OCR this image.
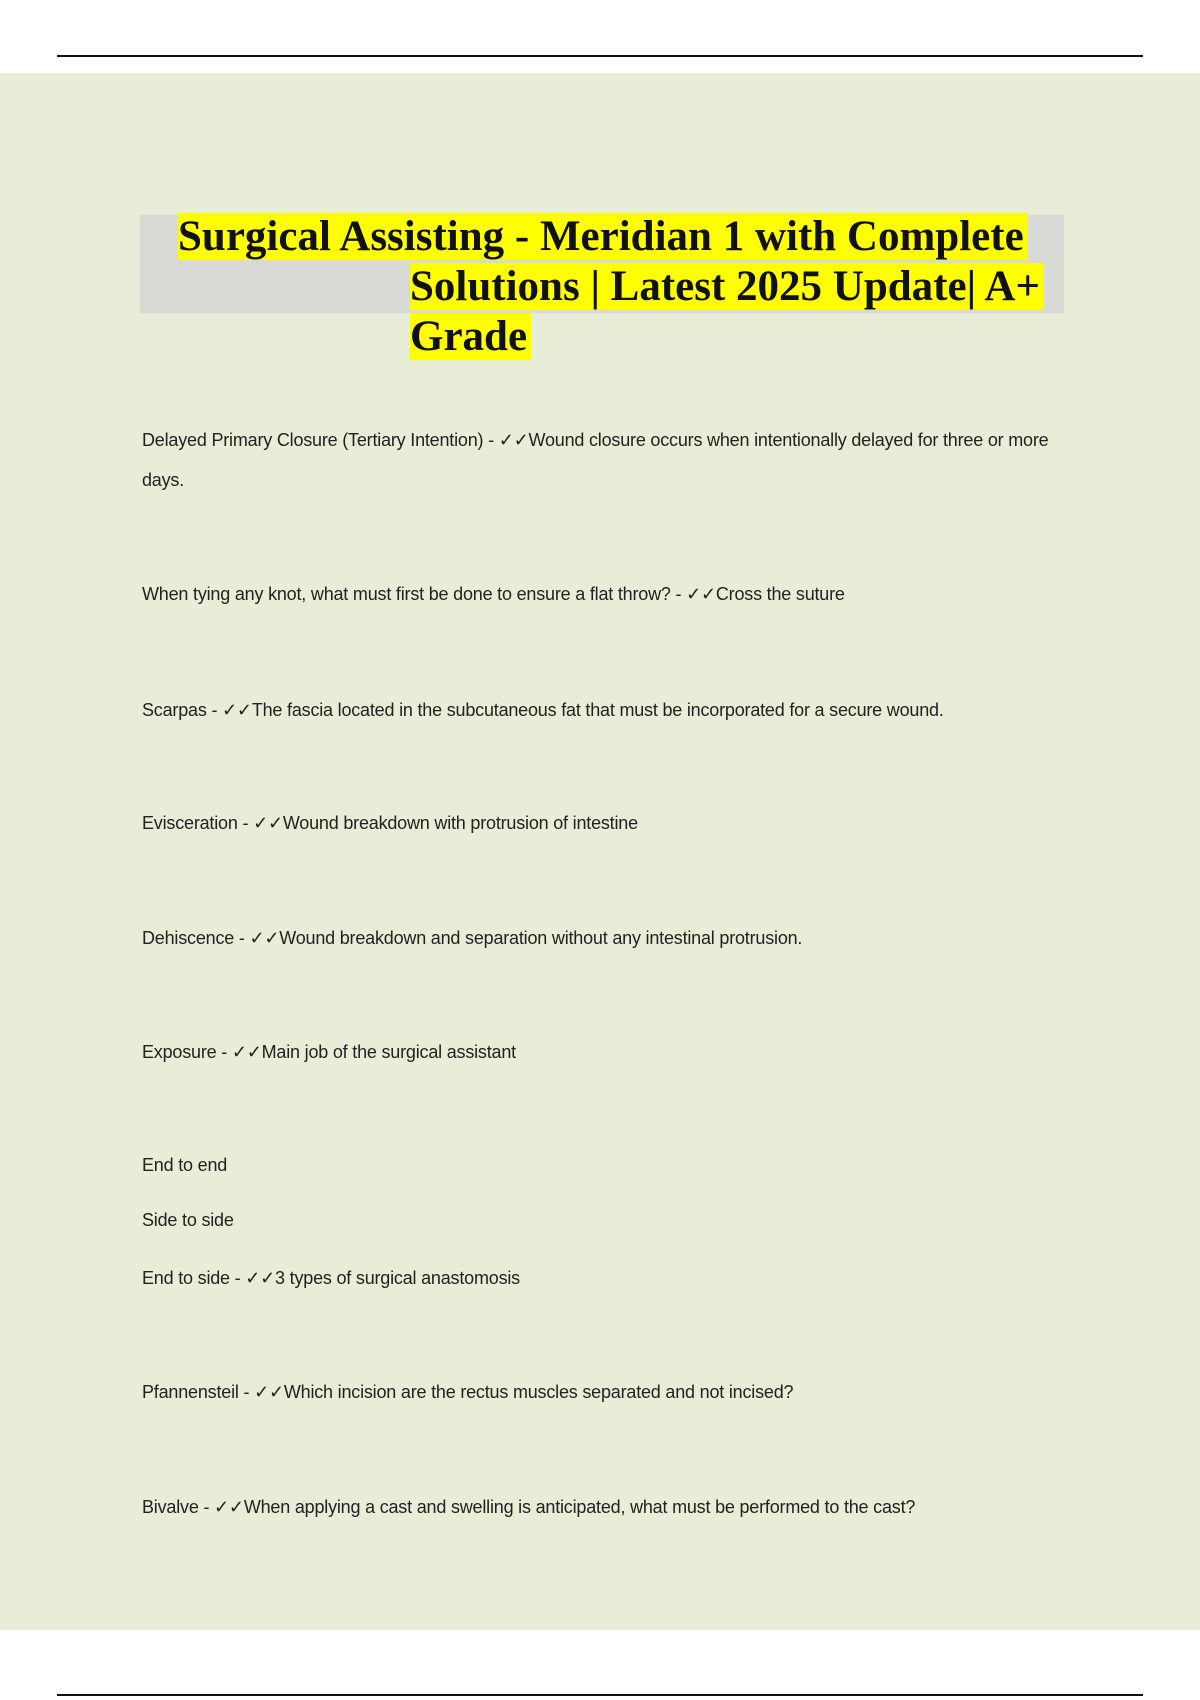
Surgical Assisting - Meridian 1 with Complete
Solutions | Latest 2025 Update| A+
Grade
Delayed Primary Closure (Tertiary Intention) - ✓✓Wound closure occurs when intentionally delayed for three or more days.
When tying any knot, what must first be done to ensure a flat throw? - ✓✓Cross the suture
Scarpas - ✓✓The fascia located in the subcutaneous fat that must be incorporated for a secure wound.
Evisceration - ✓✓Wound breakdown with protrusion of intestine
Dehiscence - ✓✓Wound breakdown and separation without any intestinal protrusion.
Exposure - ✓✓Main job of the surgical assistant
End to end
Side to side
End to side - ✓✓3 types of surgical anastomosis
Pfannensteil - ✓✓Which incision are the rectus muscles separated and not incised?
Bivalve - ✓✓When applying a cast and swelling is anticipated, what must be performed to the cast?
